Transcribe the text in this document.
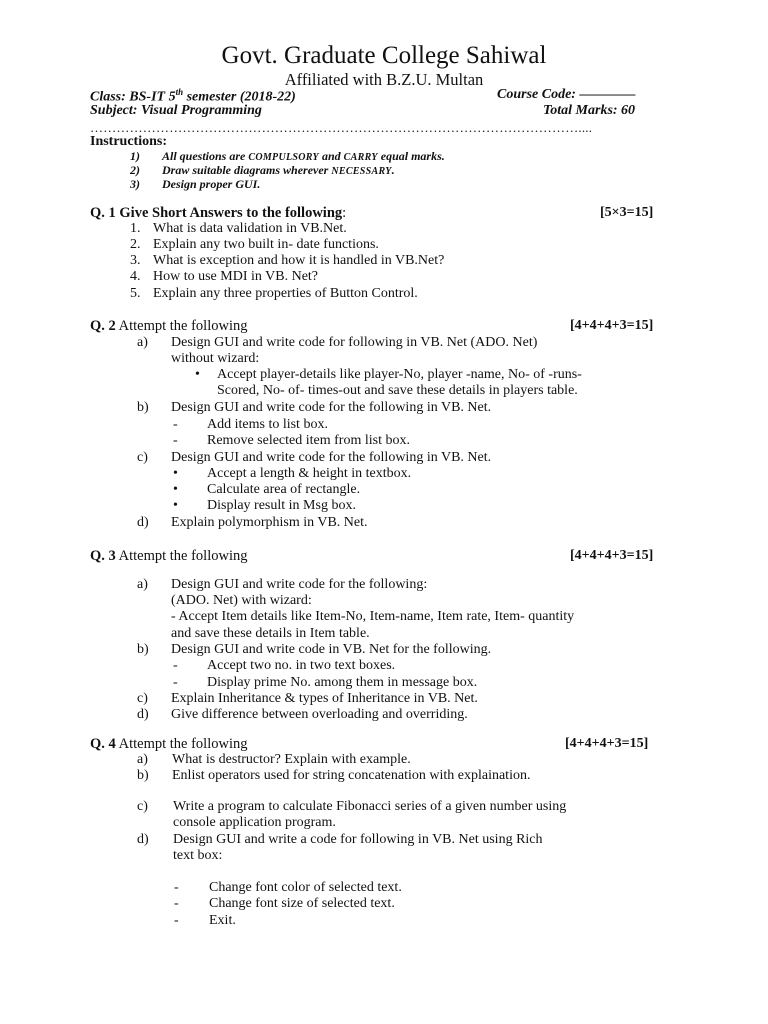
Govt. Graduate College Sahiwal
Affiliated with B.Z.U. Multan
Class: BS-IT 5th semester (2018-22)	Course Code: ––––––––
Subject: Visual Programming	Total Marks: 60
…………………………………………………………………………………………………....
Instructions:
1) All questions are COMPULSORY and CARRY equal marks.
2) Draw suitable diagrams wherever NECESSARY.
3) Design proper GUI.
Q. 1 Give Short Answers to the following:	[5×3=15]
1. What is data validation in VB.Net.
2. Explain any two built in- date functions.
3. What is exception and how it is handled in VB.Net?
4. How to use MDI in VB. Net?
5. Explain any three properties of Button Control.
Q. 2 Attempt the following	[4+4+4+3=15]
a) Design GUI and write code for following in VB. Net (ADO. Net)
without wizard:
• Accept player-details like player-No, player -name, No- of -runs-
Scored, No- of- times-out and save these details in players table.
b) Design GUI and write code for the following in VB. Net.
- Add items to list box.
- Remove selected item from list box.
c) Design GUI and write code for the following in VB. Net.
• Accept a length & height in textbox.
• Calculate area of rectangle.
• Display result in Msg box.
d) Explain polymorphism in VB. Net.
Q. 3 Attempt the following	[4+4+4+3=15]
a) Design GUI and write code for the following:
(ADO. Net) with wizard:
- Accept Item details like Item-No, Item-name, Item rate, Item- quantity
and save these details in Item table.
b) Design GUI and write code in VB. Net for the following.
- Accept two no. in two text boxes.
- Display prime No. among them in message box.
c) Explain Inheritance & types of Inheritance in VB. Net.
d) Give difference between overloading and overriding.
Q. 4 Attempt the following	[4+4+4+3=15]
a) What is destructor? Explain with example.
b) Enlist operators used for string concatenation with explaination.
c) Write a program to calculate Fibonacci series of a given number using
console application program.
d) Design GUI and write a code for following in VB. Net using Rich
text box:
- Change font color of selected text.
- Change font size of selected text.
- Exit.
